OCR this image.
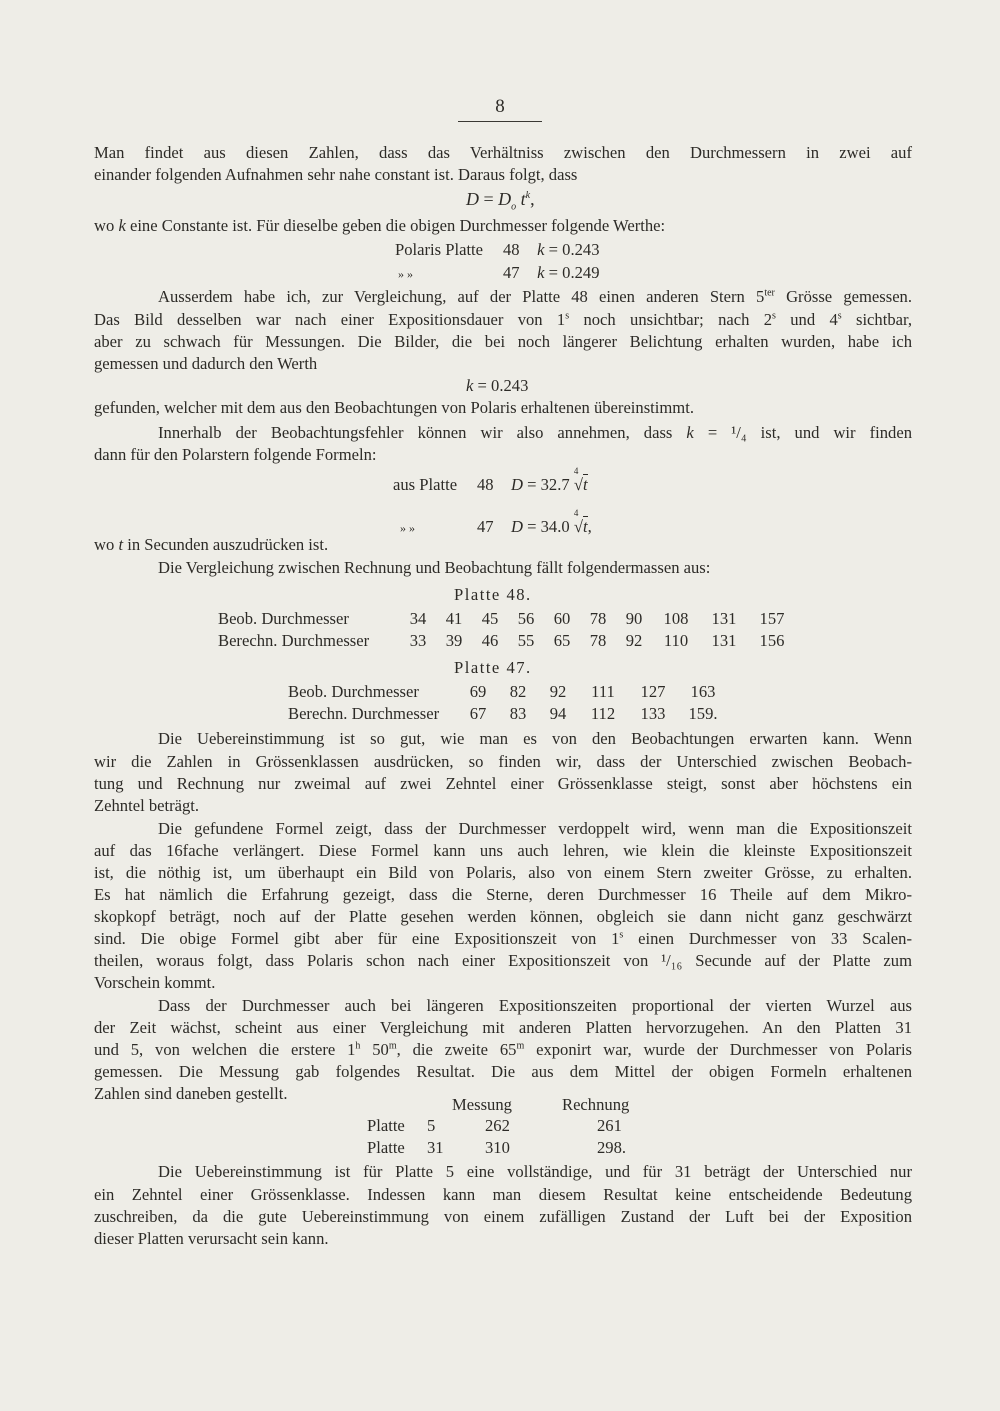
8
Man findet aus diesen Zahlen, dass das Verhältniss zwischen den Durchmessern in zwei auf
einander folgenden Aufnahmen sehr nahe constant ist. Daraus folgt, dass
$D = D_o$ $t^k$,
wo k eine Constante ist. Für dieselbe geben die obigen Durchmesser folgende Werthe:
Polaris Platte 48 k = 0.243
» »	47 k = 0.249
Ausserdem habe ich, zur Vergleichung, auf der Platte 48 einen anderen Stern $5^{ter}$ Grösse gemessen.
Das Bild desselben war nach einer Expositionsdauer von 1$^s$ noch unsichtbar; nach 2$^s$ und 4$^s$ sichtbar,
aber zu schwach für Messungen. Die Bilder, die bei noch längerer Belichtung erhalten wurden, habe ich
gemessen und dadurch den Werth
k = 0.243
gefunden, welcher mit dem aus den Beobachtungen von Polaris erhaltenen übereinstimmt.
Innerhalb der Beobachtungsfehler können wir also annehmen, dass k = ¹/₄ ist, und wir finden
dann für den Polarstern folgende Formeln:
aus Platte 48 D = 32.7
4
√t
» »	47 D = 34.0
4
√t,
wo t in Secunden auszudrücken ist.
Die Vergleichung zwischen Rechnung und Beobachtung fällt folgendermassen aus:
Platte 48.
Beob. Durchmesser	34 41 45 56 60 78 90 108 131 157
Berechn. Durchmesser 33 39 46 55 65 78 92 110 131 156
Platte 47.
Beob. Durchmesser	69 82 92 111 127 163
Berechn. Durchmesser 67 83 94 112 133 159.
Die Uebereinstimmung ist so gut, wie man es von den Beobachtungen erwarten kann. Wenn
wir die Zahlen in Grössenklassen ausdrücken, so finden wir, dass der Unterschied zwischen Beobach-
tung und Rechnung nur zweimal auf zwei Zehntel einer Grössenklasse steigt, sonst aber höchstens ein
Zehntel beträgt.
Die gefundene Formel zeigt, dass der Durchmesser verdoppelt wird, wenn man die Expositionszeit
auf das 16fache verlängert. Diese Formel kann uns auch lehren, wie klein die kleinste Expositionszeit
ist, die nöthig ist, um überhaupt ein Bild von Polaris, also von einem Stern zweiter Grösse, zu erhalten.
Es hat nämlich die Erfahrung gezeigt, dass die Sterne, deren Durchmesser 16 Theile auf dem Mikro-
skopkopf beträgt, noch auf der Platte gesehen werden können, obgleich sie dann nicht ganz geschwärzt
sind. Die obige Formel gibt aber für eine Expositionszeit von 1$^s$ einen Durchmesser von 33 Scalen-
theilen, woraus folgt, dass Polaris schon nach einer Expositionszeit von ¹/₁₆ Secunde auf der Platte zum
Vorschein kommt.
Dass der Durchmesser auch bei längeren Expositionszeiten proportional der vierten Wurzel aus
der Zeit wächst, scheint aus einer Vergleichung mit anderen Platten hervorzugehen. An den Platten 31
und 5, von welchen die erstere 1$^h$ 50$^m$, die zweite 65$^m$ exponirt war, wurde der Durchmesser von Polaris
gemessen. Die Messung gab folgendes Resultat. Die aus dem Mittel der obigen Formeln erhaltenen
Zahlen sind daneben gestellt.
Messung	Rechnung
Platte 5	262	261
Platte 31 310	298.
Die Uebereinstimmung ist für Platte 5 eine vollständige, und für 31 beträgt der Unterschied nur
ein Zehntel einer Grössenklasse. Indessen kann man diesem Resultat keine entscheidende Bedeutung
zuschreiben, da die gute Uebereinstimmung von einem zufälligen Zustand der Luft bei der Exposition
dieser Platten verursacht sein kann.
